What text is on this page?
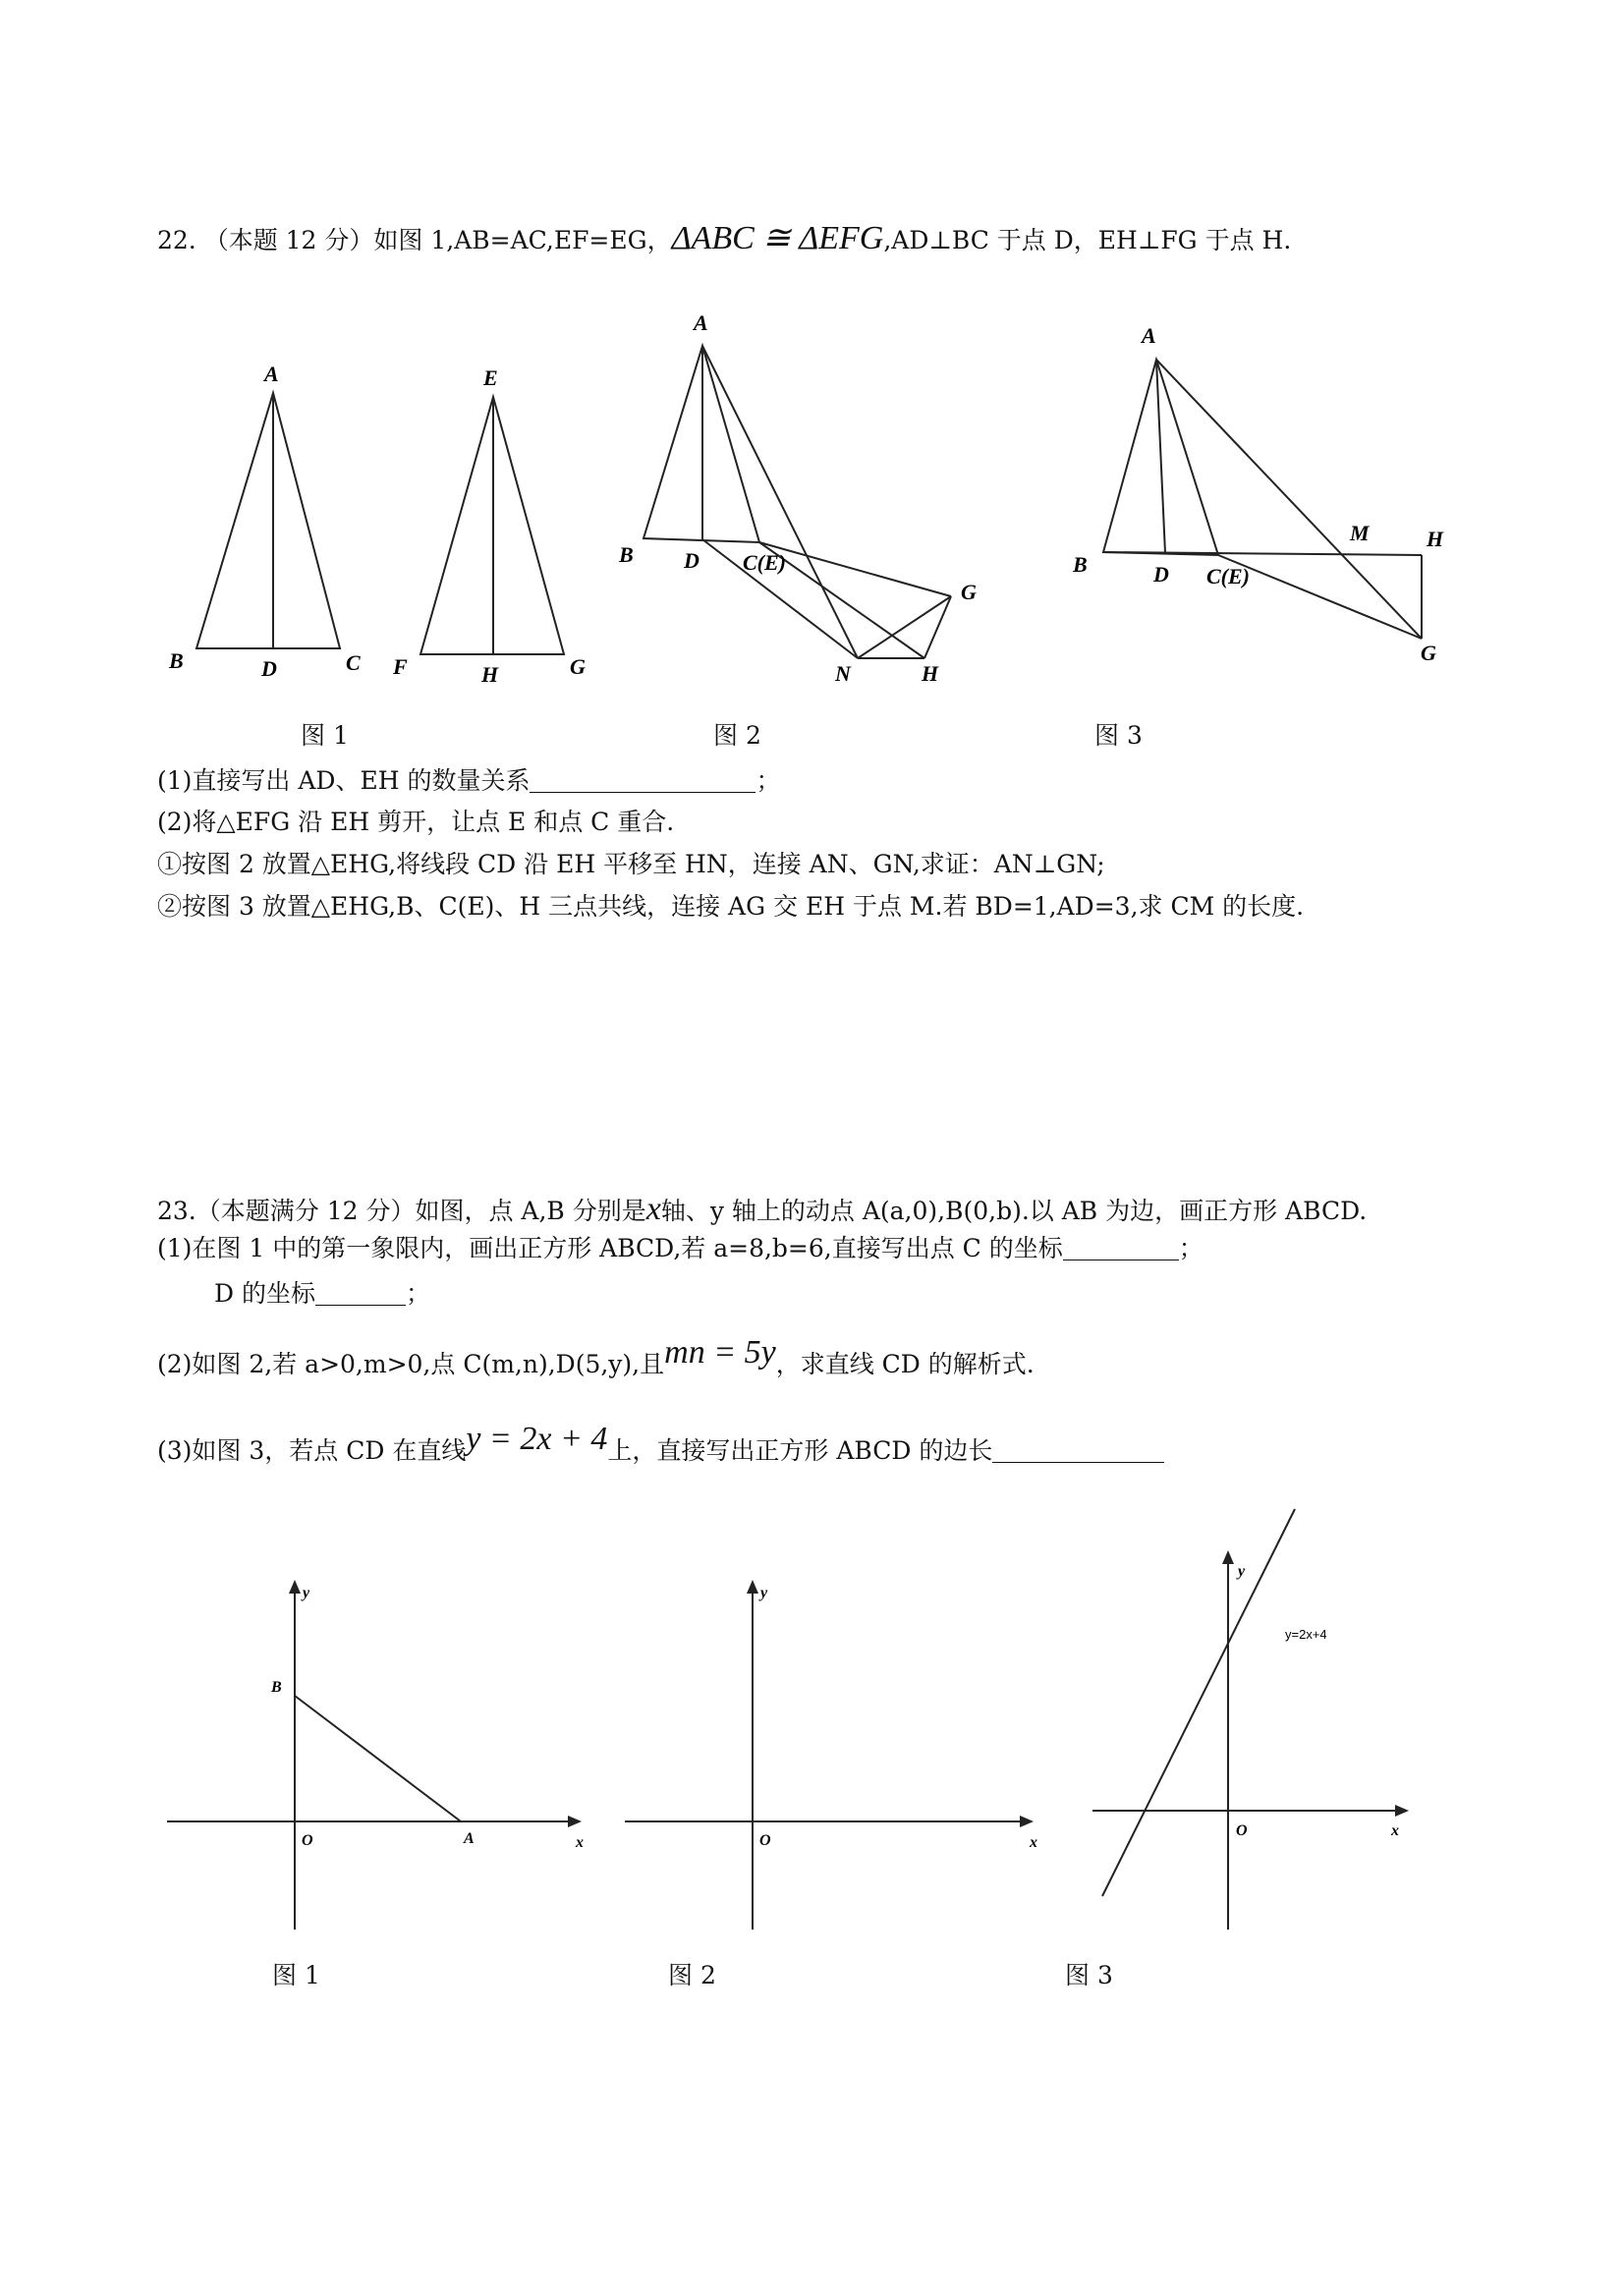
22. （本题 12 分）如图 1,AB=AC,EF=EG，ΔABC ≅ ΔEFG,AD⊥BC 于点 D，EH⊥FG 于点 H.
A
B	D	C
E
F	H	G
A
B D C(E)
G
N	H
A
B	D C(E)
M	H
G
图 1	图 2	图 3
(1)直接写出 AD、EH 的数量关系	；
(2)将△EFG 沿 EH 剪开，让点 E 和点 C 重合.
①按图 2 放置△EHG,将线段 CD 沿 EH 平移至 HN，连接 AN、GN,求证：AN⊥GN;
②按图 3 放置△EHG,B、C(E)、H 三点共线，连接 AG 交 EH 于点 M.若 BD=1,AD=3,求 CM 的长度.
23.（本题满分 12 分）如图，点 A,B 分别是x轴、y 轴上的动点 A(a,0),B(0,b).以 AB 为边，画正方形 ABCD.
(1)在图 1 中的第一象限内，画出正方形 ABCD,若 a=8,b=6,直接写出点 C 的坐标	；
D 的坐标	；
(2)如图 2,若 a>0,m>0,点 C(m,n),D(5,y),且mn = 5y，求直线 CD 的解析式.
(3)如图 3，若点 CD 在直线y = 2x + 4上，直接写出正方形 ABCD 的边长
y
x
O
B
A
y
x
O
y
x
O
y=2x+4
图 1	图 2	图 3
